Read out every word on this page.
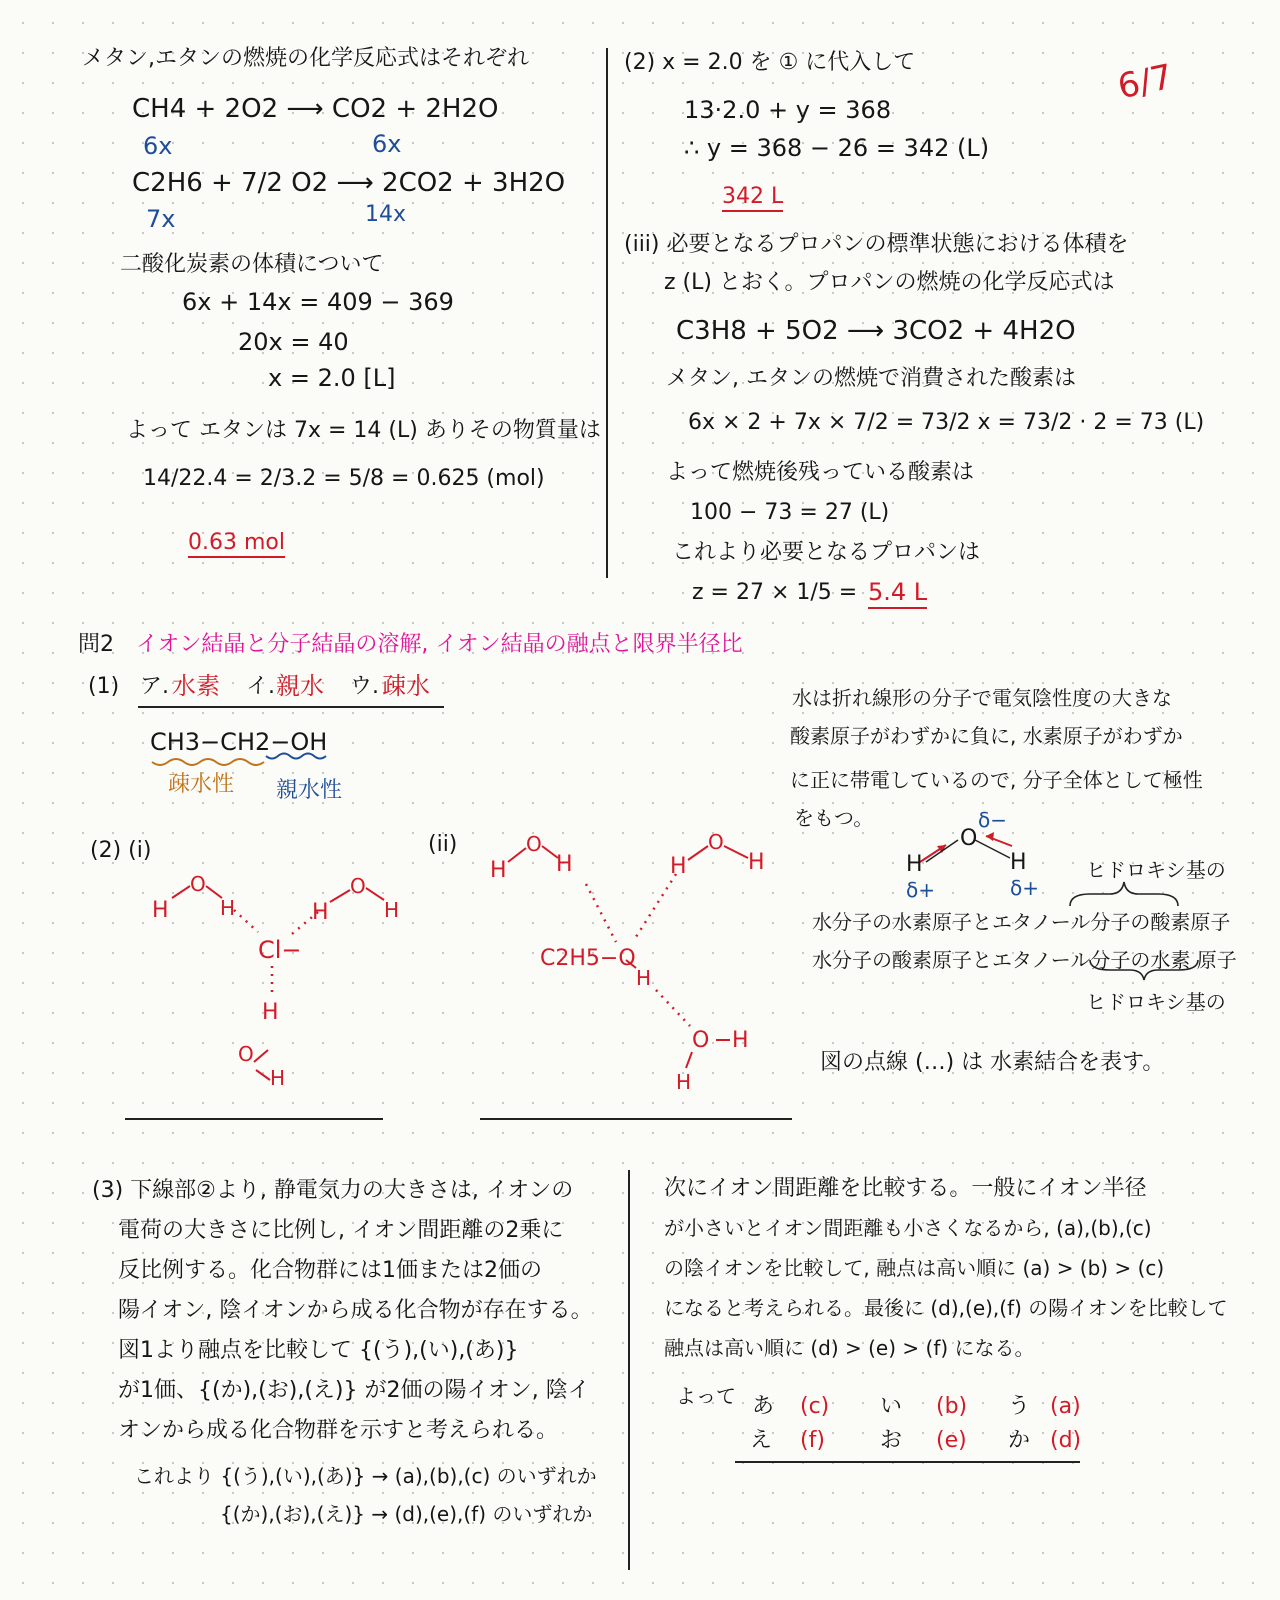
6/7
メタン,エタンの燃焼の化学反応式はそれぞれ
CH4 + 2O2 ⟶ CO2 + 2H2O
6x	6x
C2H6 + 7/2 O2 ⟶ 2CO2 + 3H2O
7x	14x
二酸化炭素の体積について
6x + 14x = 409 − 369
20x = 40
x = 2.0 [L]
よって エタンは 7x = 14 (L) ありその物質量は
14/22.4 = 2/3.2 = 5/8 = 0.625 (mol)
0.63 mol
(2) x = 2.0 を ① に代入して
13·2.0 + y = 368
∴ y = 368 − 26 = 342 (L)
342 L
(iii) 必要となるプロパンの標準状態における体積を
z (L) とおく。プロパンの燃焼の化学反応式は
C3H8 + 5O2 ⟶ 3CO2 + 4H2O
メタン, エタンの燃焼で消費された酸素は
6x × 2 + 7x × 7/2 = 73/2 x = 73/2 · 2 = 73 (L)
よって燃焼後残っている酸素は
100 − 73 = 27 (L)
これより必要となるプロパンは
z = 27 × 1/5 = 5.4 L
問2 イオン結晶と分子結晶の溶解, イオン結晶の融点と限界半径比
(1) ア. 水素 イ. 親水 ウ. 疎水
CH3−CH2−OH
疎水性 親水性
水は折れ線形の分子で電気陰性度の大きな
酸素原子がわずかに負に, 水素原子がわずか
に正に帯電しているので, 分子全体として極性
をもつ。
(2) (i)	(ii)	O
δ−
H	H
δ+	δ+
ヒドロキシ基の
水分子の水素原子とエタノール分子の酸素原子
水分子の酸素原子とエタノール分子の水素 原子
ヒドロキシ基の
図の点線 (…) は 水素結合を表す。
H
O
H	H
O
H
Cl−
H
O
H
H
O
H	H
O
H
C2H5−O
H
O H
H
(3) 下線部②より, 静電気力の大きさは, イオンの
電荷の大きさに比例し, イオン間距離の2乗に
反比例する。化合物群には1価または2価の
陽イオン, 陰イオンから成る化合物が存在する。
図1より融点を比較して {(う),(い),(あ)}
が1価、{(か),(お),(え)} が2価の陽イオン, 陰イ
オンから成る化合物群を示すと考えられる。
これより {(う),(い),(あ)} → (a),(b),(c) のいずれか
{(か),(お),(え)} → (d),(e),(f) のいずれか
次にイオン間距離を比較する。一般にイオン半径
が小さいとイオン間距離も小さくなるから, (a),(b),(c)
の陰イオンを比較して, 融点は高い順に (a) > (b) > (c)
になると考えられる。最後に (d),(e),(f) の陽イオンを比較して
融点は高い順に (d) > (e) > (f) になる。
よって あ (c) い (b) う (a)
え (f)	お (e) か (d)
